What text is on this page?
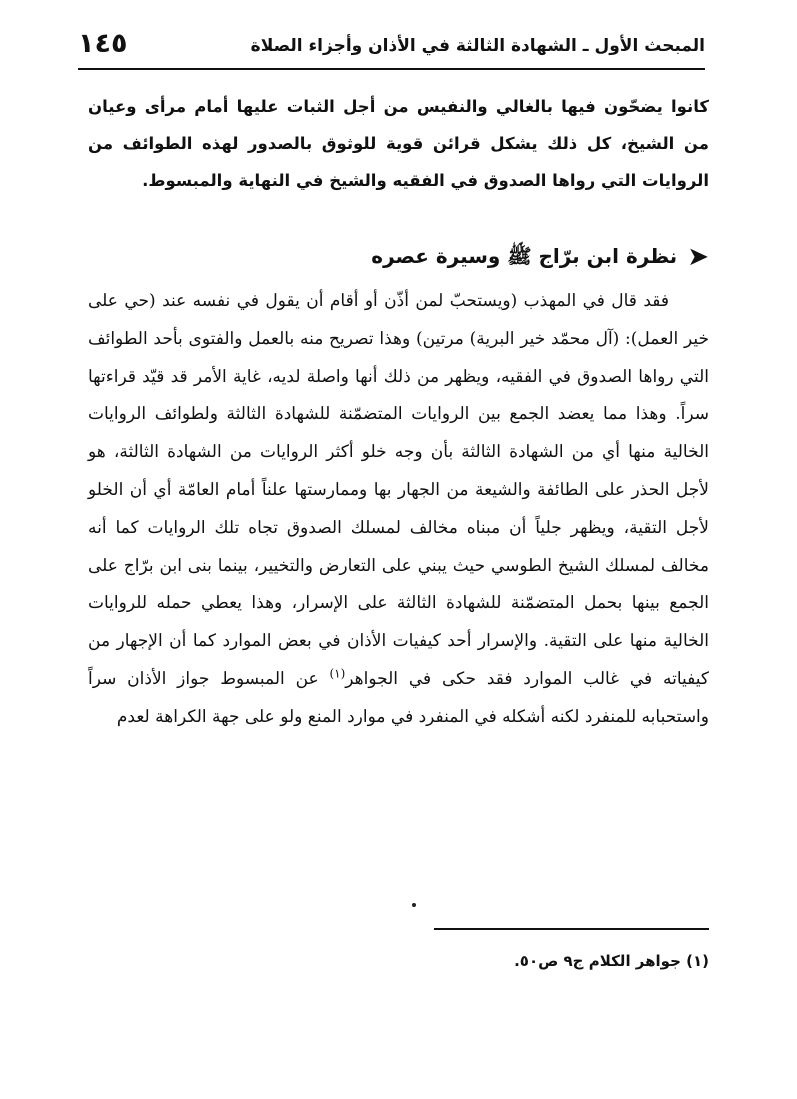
المبحث الأول ـ الشهادة الثالثة في الأذان وأجزاء الصلاة
١٤٥
كانوا يضحّون فيها بالغالي والنفيس من أجل الثبات عليها أمام مرأى وعيان من الشيخ، كل ذلك يشكل قرائن قوية للوثوق بالصدور لهذه الطوائف من الروايات التي رواها الصدوق في الفقيه والشيخ في النهاية والمبسوط.
➤نظرة ابن برّاج ﷺ وسيرة عصره
فقد قال في المهذب (ويستحبّ لمن أذّن أو أقام أن يقول في نفسه عند (حي على خير العمل): (آل محمّد خير البرية) مرتين) وهذا تصريح منه بالعمل والفتوى بأحد الطوائف التي رواها الصدوق في الفقيه، ويظهر من ذلك أنها واصلة لديه، غاية الأمر قد قيّد قراءتها سراً. وهذا مما يعضد الجمع بين الروايات المتضمّنة للشهادة الثالثة ولطوائف الروايات الخالية منها أي من الشهادة الثالثة بأن وجه خلو أكثر الروايات من الشهادة الثالثة، هو لأجل الحذر على الطائفة والشيعة من الجهار بها وممارستها علناً أمام العامّة أي أن الخلو لأجل التقية، ويظهر جلياً أن مبناه مخالف لمسلك الصدوق تجاه تلك الروايات كما أنه مخالف لمسلك الشيخ الطوسي حيث يبني على التعارض والتخيير، بينما بنى ابن برّاج على الجمع بينها بحمل المتضمّنة للشهادة الثالثة على الإسرار، وهذا يعطي حمله للروايات الخالية منها على التقية. والإسرار أحد كيفيات الأذان في بعض الموارد كما أن الإجهار من كيفياته في غالب الموارد فقد حكى في الجواهر$^{(١)}$ عن المبسوط جواز الأذان سراً واستحبابه للمنفرد لكنه أشكله في المنفرد في موارد المنع ولو على جهة الكراهة لعدم
(١) جواهر الكلام ج٩ ص٥٠.
